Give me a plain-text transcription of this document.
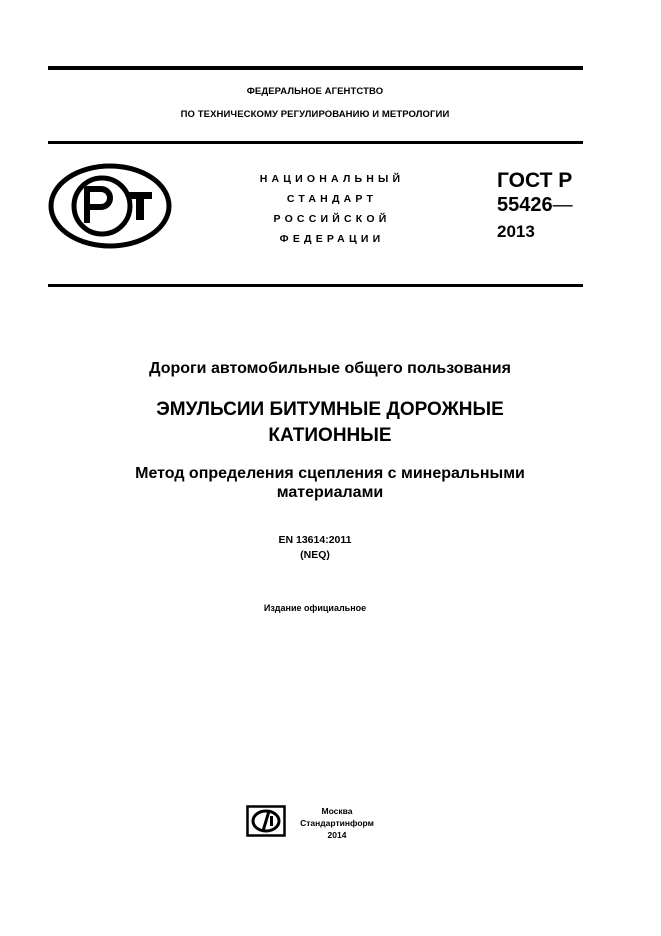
ФЕДЕРАЛЬНОЕ АГЕНТСТВО
ПО ТЕХНИЧЕСКОМУ РЕГУЛИРОВАНИЮ И МЕТРОЛОГИИ
НАЦИОНАЛЬНЫЙ
СТАНДАРТ
РОССИЙСКОЙ
ФЕДЕРАЦИИ
ГОСТ Р
55426—
2013
Дороги автомобильные общего пользования
ЭМУЛЬСИИ БИТУМНЫЕ ДОРОЖНЫЕ
КАТИОННЫЕ
Метод определения сцепления с минеральными
материалами
EN 13614:2011
(NEQ)
Издание официальное
Москва
Стандартинформ
2014
